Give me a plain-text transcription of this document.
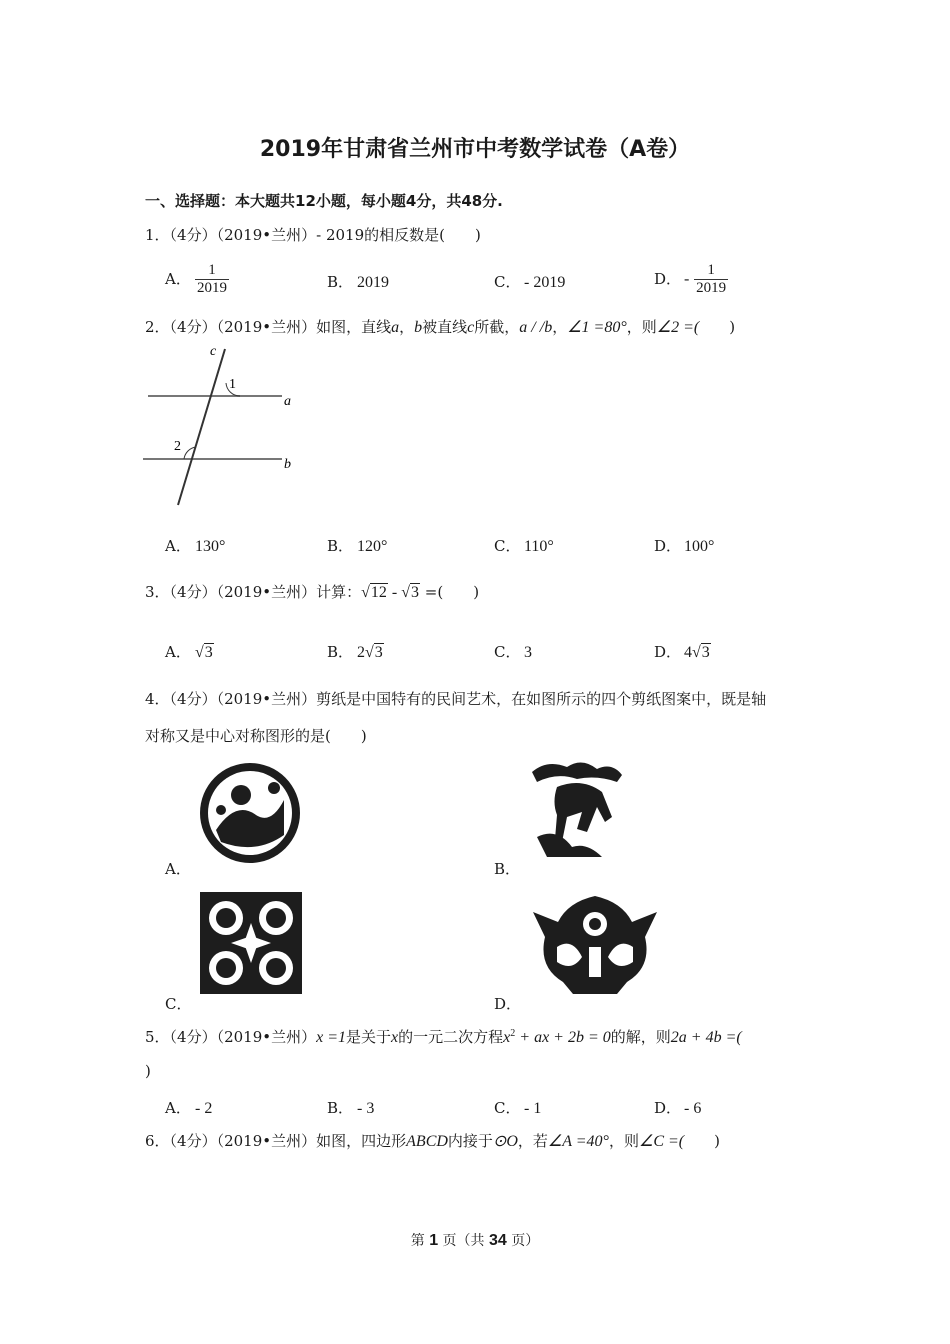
2019年甘肃省兰州市中考数学试卷（A卷）
一、选择题：本大题共12小题，每小题4分，共48分.
1．（4分）（2019•兰州）- 2019的相反数是(　　)
A． $\frac{1}{2019}$	B． 2019	C． - 2019	D． - $\frac{1}{2019}$
2．（4分）（2019•兰州）如图，直线a，b被直线c所截，a / /b，∠1 =80°，则∠2 =(　　)
c
1
a
2
b
A． 130°	B． 120°	C． 110°	D． 100°
3．（4分）（2019•兰州）计算：√12 - √3 =(　　)
A． √3	B． 2√3	C． 3	D． 4√3
4．（4分）（2019•兰州）剪纸是中国特有的民间艺术，在如图所示的四个剪纸图案中，既是轴
对称又是中心对称图形的是(　　)
A．	B．
C．	D．
5．（4分）（2019•兰州）x =1是关于x的一元二次方程$x^2$ + ax + 2b = 0的解，则2a + 4b =(
)
A． - 2	B． - 3	C． - 1	D． - 6
6．（4分）（2019•兰州）如图，四边形ABCD内接于⊙O，若∠A =40°，则∠C =(　　)
第 1 页（共 34 页）
